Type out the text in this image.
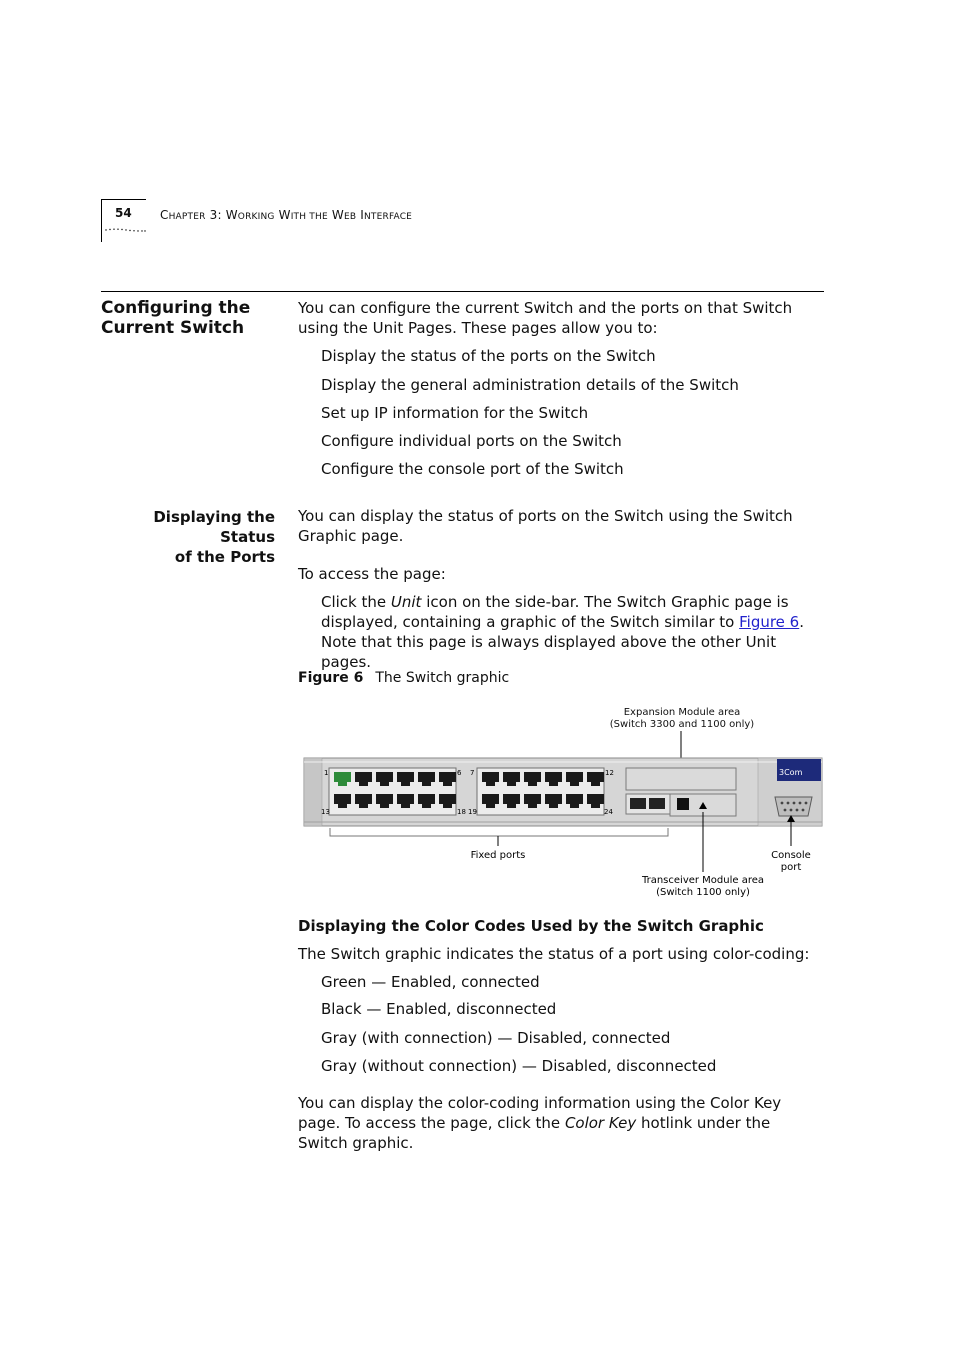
54 CHAPTER 3: WORKING WITH THE WEB INTERFACE
Configuring the
Current Switch
You can configure the current Switch and the ports on that Switch using the Unit Pages. These pages allow you to:
Display the status of the ports on the Switch
Display the general administration details of the Switch
Set up IP information for the Switch
Configure individual ports on the Switch
Configure the console port of the Switch
Displaying the Status
of the Ports
You can display the status of ports on the Switch using the Switch Graphic page.
To access the page:
Click the Unit icon on the side-bar. The Switch Graphic page is displayed, containing a graphic of the Switch similar to Figure 6. Note that this page is always displayed above the other Unit pages.
Figure 6 The Switch graphic
Expansion Module area
(Switch 3300 and 1100 only)
1	6 7	12
13	18 19	24
3Com
Fixed ports	Console
port
Transceiver Module area
(Switch 1100 only)
Displaying the Color Codes Used by the Switch Graphic
The Switch graphic indicates the status of a port using color-coding:
Green — Enabled, connected
Black — Enabled, disconnected
Gray (with connection) — Disabled, connected
Gray (without connection) — Disabled, disconnected
You can display the color-coding information using the Color Key page. To access the page, click the Color Key hotlink under the Switch graphic.
